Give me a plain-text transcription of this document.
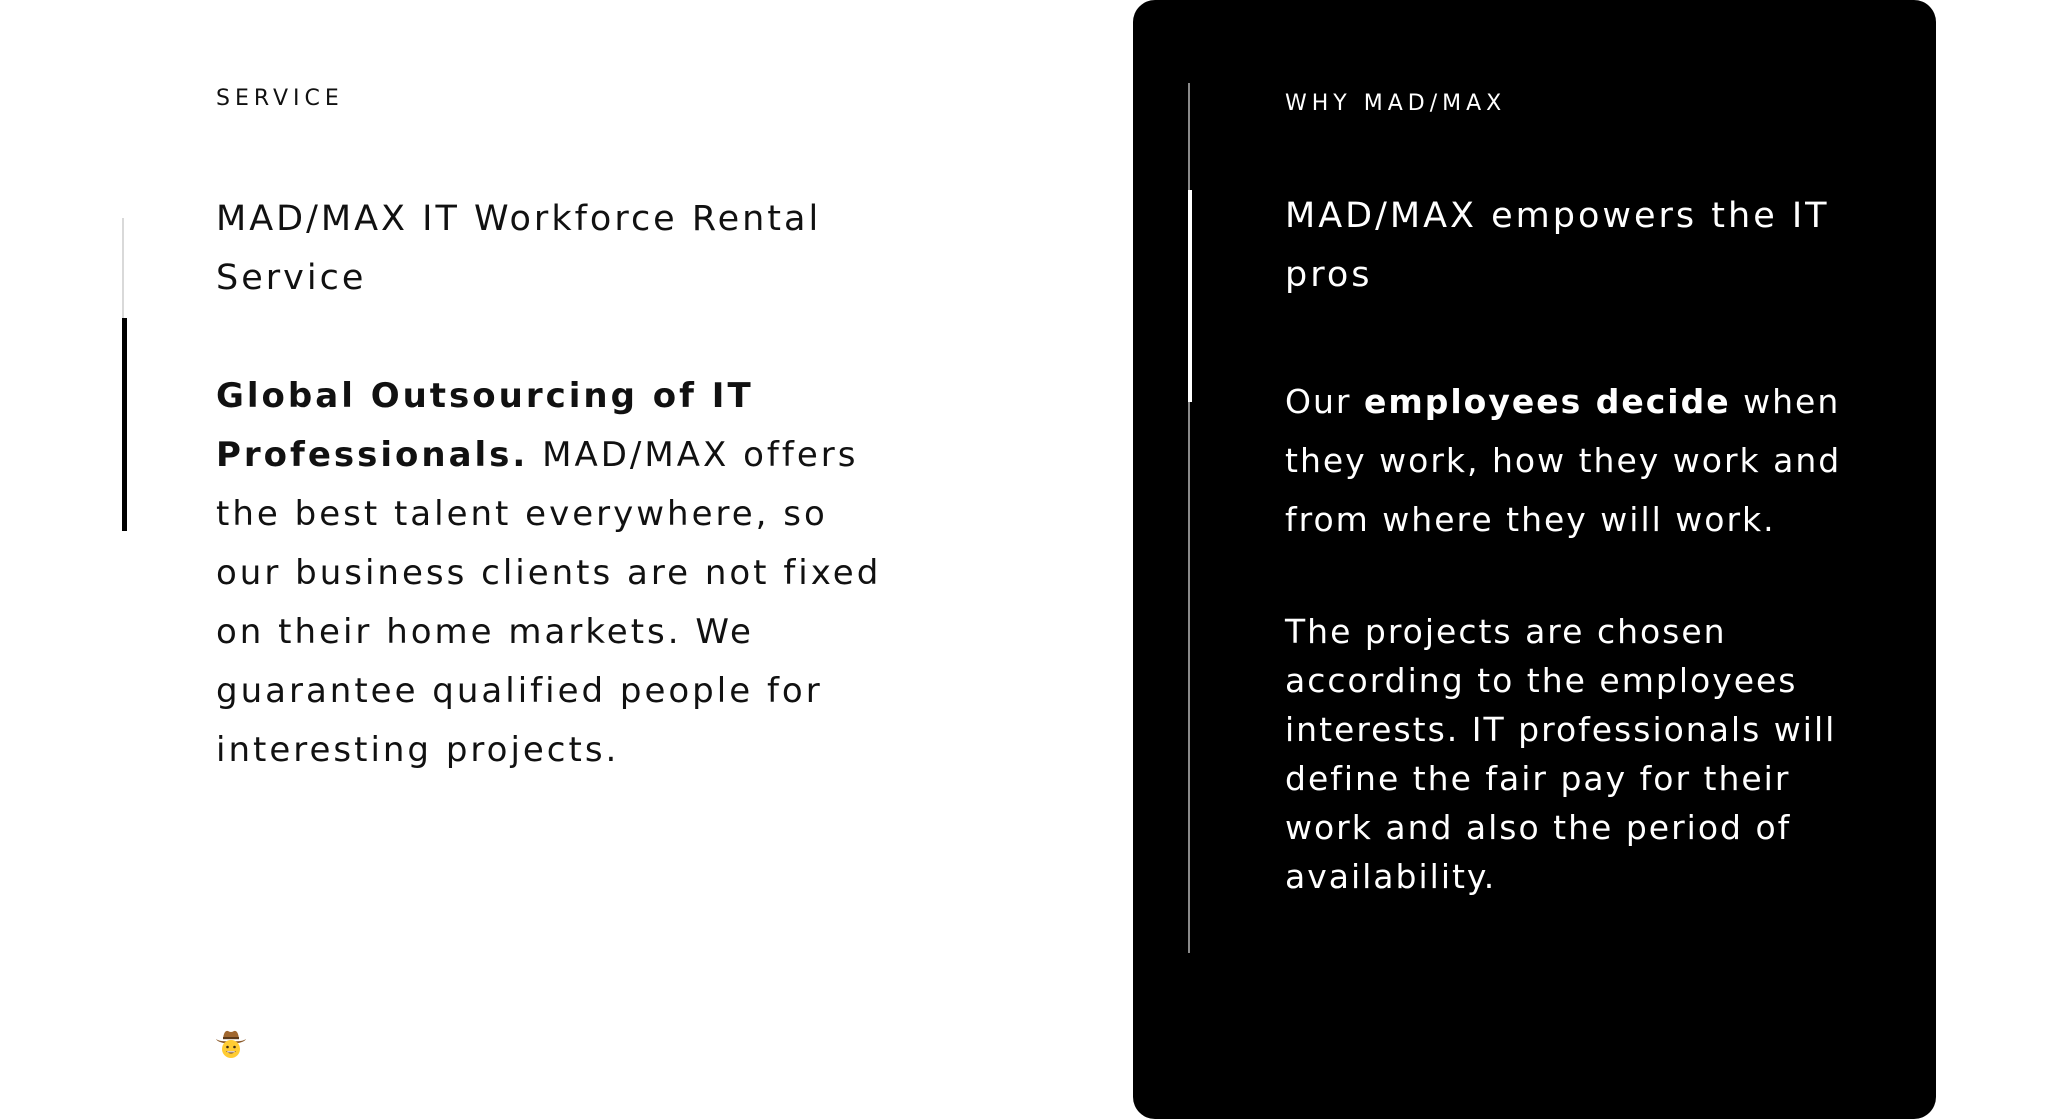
SERVICE
MAD/MAX IT Workforce Rental Service

Global Outsourcing of IT Professionals. MAD/MAX offers the best talent everywhere, so our business clients are not fixed on their home markets. We guarantee qualified people for interesting projects.

WHY MAD/MAX
MAD/MAX empowers the IT pros

Our employees decide when they work, how they work and from where they will work.

The projects are chosen according to the employees interests. IT professionals will define the fair pay for their work and also the period of availability.
